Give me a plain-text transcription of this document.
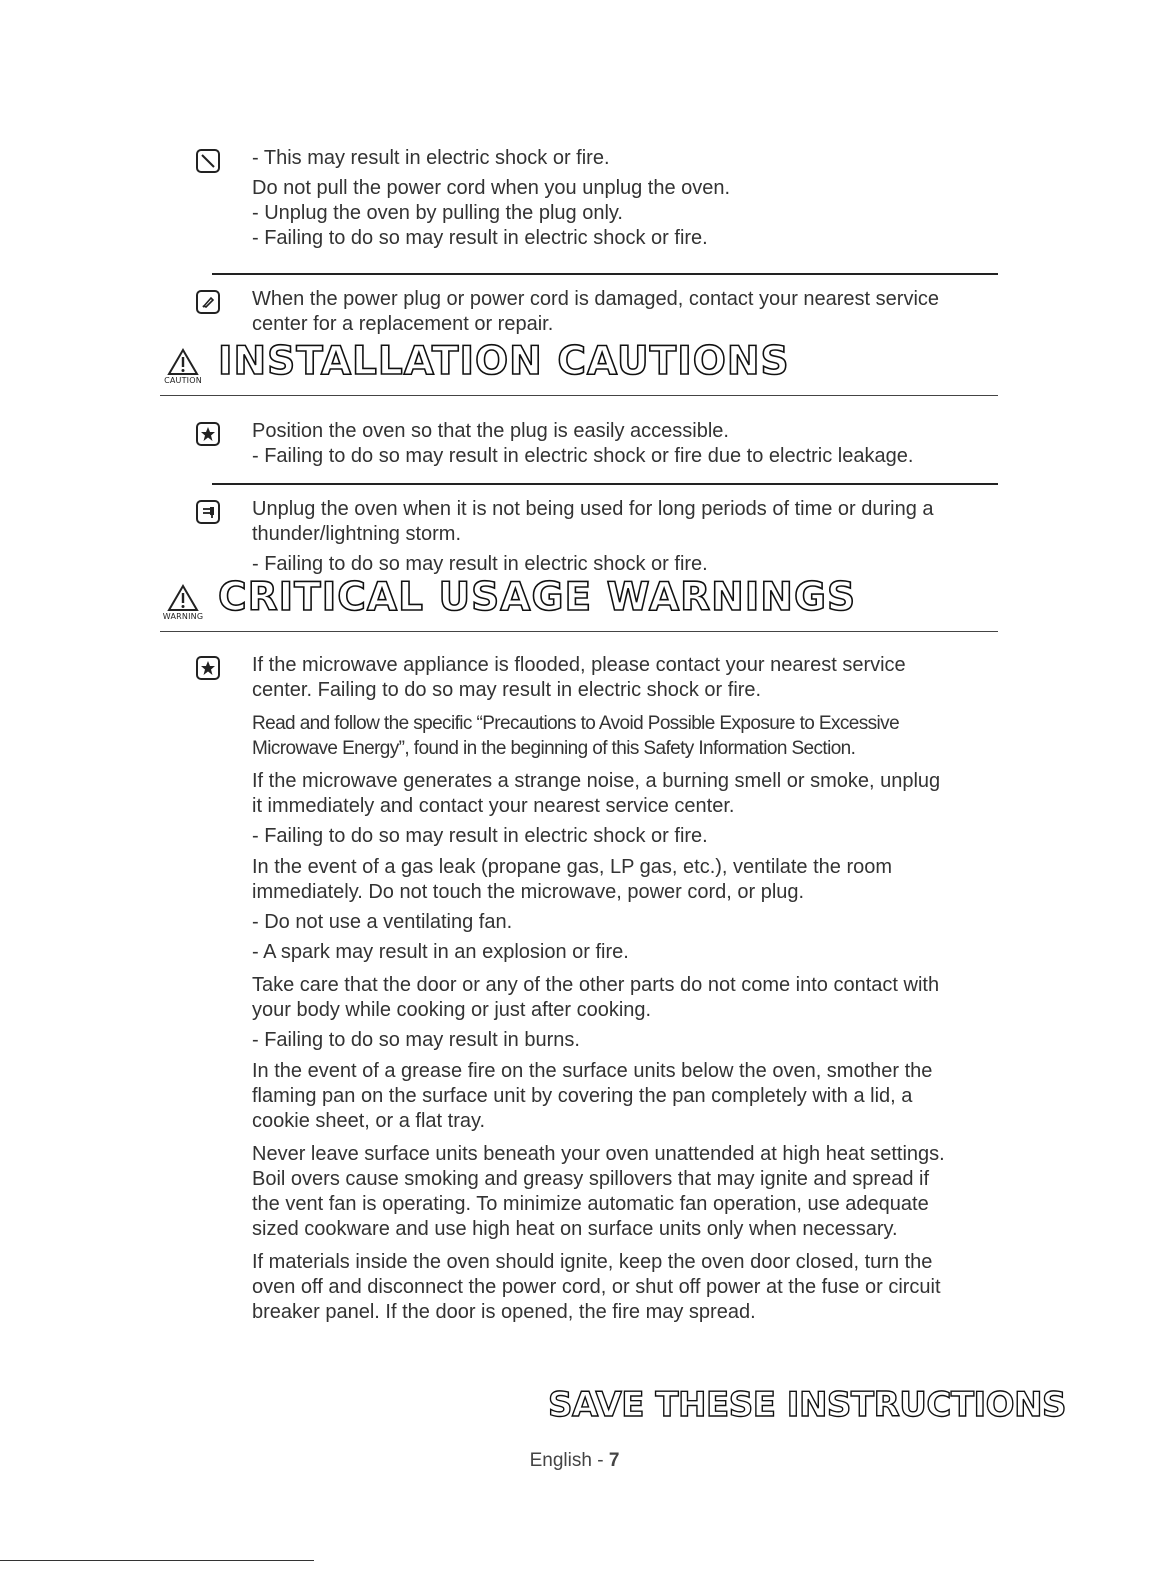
- This may result in electric shock or fire.
Do not pull the power cord when you unplug the oven.
- Unplug the oven by pulling the plug only.
- Failing to do so may result in electric shock or fire.
When the power plug or power cord is damaged, contact your nearest service
center for a replacement or repair.
CAUTION INSTALLATION CAUTIONS
Position the oven so that the plug is easily accessible.
- Failing to do so may result in electric shock or fire due to electric leakage.
Unplug the oven when it is not being used for long periods of time or during a
thunder/lightning storm.
- Failing to do so may result in electric shock or fire.
WARNING CRITICAL USAGE WARNINGS
If the microwave appliance is flooded, please contact your nearest service
center. Failing to do so may result in electric shock or fire.
Read and follow the specific “Precautions to Avoid Possible Exposure to Excessive
Microwave Energy”, found in the beginning of this Safety Information Section.
If the microwave generates a strange noise, a burning smell or smoke, unplug
it immediately and contact your nearest service center.
- Failing to do so may result in electric shock or fire.
In the event of a gas leak (propane gas, LP gas, etc.), ventilate the room
immediately. Do not touch the microwave, power cord, or plug.
- Do not use a ventilating fan.
- A spark may result in an explosion or fire.
Take care that the door or any of the other parts do not come into contact with
your body while cooking or just after cooking.
- Failing to do so may result in burns.
In the event of a grease fire on the surface units below the oven, smother the
flaming pan on the surface unit by covering the pan completely with a lid, a
cookie sheet, or a flat tray.
Never leave surface units beneath your oven unattended at high heat settings.
Boil overs cause smoking and greasy spillovers that may ignite and spread if
the vent fan is operating. To minimize automatic fan operation, use adequate
sized cookware and use high heat on surface units only when necessary.
If materials inside the oven should ignite, keep the oven door closed, turn the
oven off and disconnect the power cord, or shut off power at the fuse or circuit
breaker panel. If the door is opened, the fire may spread.
SAVE THESE INSTRUCTIONS
English - 7
